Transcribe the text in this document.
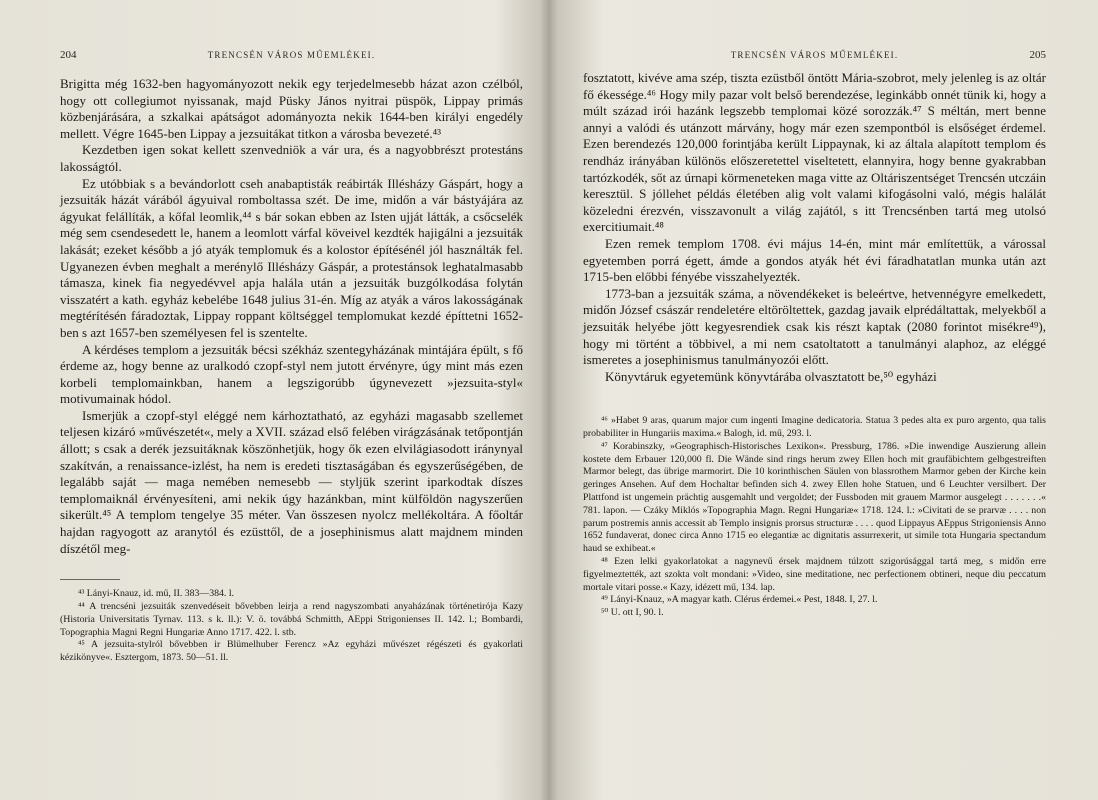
204	TRENCSÉN VÁROS MŰEMLÉKEI.

Brigitta még 1632-ben hagyományozott nekik egy terjedelmesebb házat azon czélból, hogy ott collegiumot nyissanak, majd Püsky János nyitrai püspök, Lippay primás közbenjárására, a szkalkai apátságot adományozta nekik 1644-ben királyi engedély mellett. Végre 1645-ben Lippay a jezsuitákat titkon a városba bevezeté.⁴³

Kezdetben igen sokat kellett szenvedniök a vár ura, és a nagyobbrészt protestáns lakosságtól.

Ez utóbbiak s a bevándorlott cseh anabaptisták reábirták Illésházy Gáspárt, hogy a jezsuiták házát várából ágyuival romboltassa szét. De ime, midőn a vár bástyájára az ágyukat felállíták, a kőfal leomlik,⁴⁴ s bár sokan ebben az Isten ujját látták, a csőcselék még sem csendesedett le, hanem a leomlott várfal köveivel kezdték hajigálni a jezsuiták lakását; ezeket később a jó atyák templomuk és a kolostor építésénél jól használták fel. Ugyanezen évben meghalt a merénylő Illésházy Gáspár, a protestánsok leghatalmasabb támasza, kinek fia negyedévvel apja halála után a jezsuiták buzgólkodása folytán visszatért a kath. egyház kebelébe 1648 julius 31-én. Míg az atyák a város lakosságának megtérítésén fáradoztak, Lippay roppant költséggel templomukat kezdé építtetni 1652-ben s azt 1657-ben személyesen fel is szentelte.

A kérdéses templom a jezsuiták bécsi székház szentegyházának mintájára épült, s fő érdeme az, hogy benne az uralkodó czopf-styl nem jutott érvényre, úgy mint más ezen korbeli templomainkban, hanem a legszigorúbb úgynevezett »jezsuita-styl« motivumainak hódol.

Ismerjük a czopf-styl eléggé nem kárhoztatható, az egyházi magasabb szellemet teljesen kizáró »művészetét«, mely a XVII. század első felében virágzásának tetőpontján állott; s csak a derék jezsuitáknak köszönhetjük, hogy ők ezen elvilágiasodott iránynyal szakítván, a renaissance-izlést, ha nem is eredeti tisztaságában és egyszerűségében, de legalább saját — maga nemében nemesebb — styljük szerint iparkodtak díszes templomaiknál érvényesíteni, ami nekik úgy hazánkban, mint külföldön nagyszerűen sikerült.⁴⁵ A templom tengelye 35 méter. Van összesen nyolcz mellékoltára. A főoltár hajdan ragyogott az aranytól és ezüsttől, de a josephinismus alatt majdnem minden díszétől meg-

⁴³ Lányi-Knauz, id. mű, II. 383—384. l.

⁴⁴ A trencsénì jezsuiták szenvedéseit bővebben leirja a rend nagyszombati anyaházának történetirója Kazy (Historia Universitatis Tyrnav. 113. s k. ll.): V. ö. továbbá Schmitth, AEppi Strigonienses II. 142. l.; Bombardi, Topographia Magni Regni Hungariæ Anno 1717. 422. l. stb.

⁴⁵ A jezsuita-stylról bővebben ir Blümelhuber Ferencz »Az egyházi művészet régészeti és gyakorlati kézikönyve«. Esztergom, 1873. 50—51. ll.

TRENCSÉN VÁROS MŰEMLÉKEI.	205

fosztatott, kivéve ama szép, tiszta ezüstből öntött Mária-szobrot, mely jelenleg is az oltár fő ékessége.⁴⁶ Hogy mily pazar volt belső berendezése, leginkább onnét tünik ki, hogy a múlt század irói hazánk legszebb templomai közé sorozzák.⁴⁷ S méltán, mert benne annyi a valódi és utánzott márvány, hogy már ezen szempontból is elsőséget érdemel. Ezen berendezés 120,000 forintjába került Lippaynak, ki az általa alapított templom és rendház irányában különös előszeretettel viseltetett, elannyira, hogy benne gyakrabban tartózkodék, sőt az úrnapi körmeneteken maga vitte az Oltáriszentséget Trencsén utczáin keresztül. S jóllehet példás életében alig volt valami kifogásolni való, mégis halálát közeledni érezvén, visszavonult a világ zajától, s itt Trencsénben tartá meg utolsó exercitiumait.⁴⁸

Ezen remek templom 1708. évi május 14-én, mint már említettük, a várossal egyetemben porrá égett, ámde a gondos atyák hét évi fáradhatatlan munka után azt 1715-ben előbbi fényébe visszahelyezték.

1773-ban a jezsuiták száma, a növendékeket is beleértve, hetvennégyre emelkedett, midőn József császár rendeletére eltöröltettek, gazdag javaik elprédáltattak, melyekből a jezsuiták helyébe jött kegyesrendiek csak kis részt kaptak (2080 forintot misékre⁴⁹), hogy mi történt a többivel, a mi nem csatoltatott a tanulmányi alaphoz, az eléggé ismeretes a josephinismus tanulmányozói előtt.

Könyvtáruk egyetemünk könyvtárába olvasztatott be,⁵⁰ egyházi

⁴⁶ »Habet 9 aras, quarum major cum ingenti Imagine dedicatoria. Statua 3 pedes alta ex puro argento, qua talis probabiliter in Hungariis maxima.« Balogh, id. mű, 293. l.

⁴⁷ Korabinszky, »Geographisch-Historisches Lexikon«. Pressburg, 1786. »Die inwendige Auszierung allein kostete dem Erbauer 120,000 fl. Die Wände sind rings herum zwey Ellen hoch mit graufäbichtem gelbgestreiften Marmor belegt, das übrige marmorirt. Die 10 korinthischen Säulen von blassrothem Marmor geben der Kirche kein geringes Ansehen. Auf dem Hochaltar befinden sich 4. zwey Ellen hohe Statuen, und 6 Leuchter versilbert. Der Plattfond ist ungemein prächtig ausgemahlt und vergoldet; der Fussboden mit grauem Marmor ausgelegt . . . . . . .« 781. lapon. — Czáky Miklós »Topographia Magn. Regni Hungariæ« 1718. 124. l.: »Civitati de se prarvæ . . . . non parum postremis annis accessit ab Templo insignis prorsus structuræ . . . . quod Lippayus AEppus Strigoniensis Anno 1652 fundaverat, donec circa Anno 1715 eo elegantiæ ac dignitatis assurrexerit, ut simile tota Hungaria spectandum haud se exhibeat.«

⁴⁸ Ezen lelki gyakorlatokat a nagynevű érsek majdnem túlzott szigorúsággal tartá meg, s midőn erre figyelmeztették, azt szokta volt mondani: »Video, sine meditatione, nec perfectionem obtineri, neque diu peccatum mortale vitari posse.« Kazy, idézett mű, 134. lap.

⁴⁹ Lányi-Knauz, »A magyar kath. Clérus érdemei.« Pest, 1848. I, 27. l.

⁵⁰ U. ott I, 90. l.
